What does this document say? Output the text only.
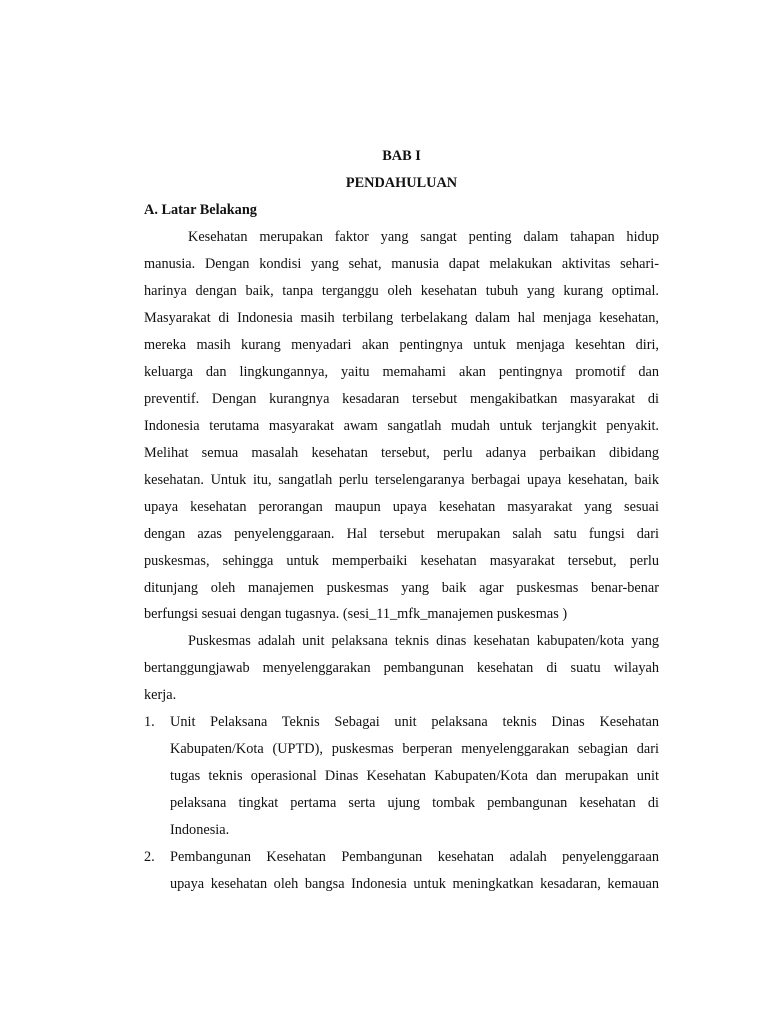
BAB I
PENDAHULUAN
A. Latar Belakang
Kesehatan merupakan faktor yang sangat penting dalam tahapan hidup
manusia. Dengan kondisi yang sehat, manusia dapat melakukan aktivitas sehari-
harinya dengan baik, tanpa terganggu oleh kesehatan tubuh yang kurang optimal.
Masyarakat di Indonesia masih terbilang terbelakang dalam hal menjaga kesehatan,
mereka masih kurang menyadari akan pentingnya untuk menjaga kesehtan diri,
keluarga dan lingkungannya, yaitu memahami akan pentingnya promotif dan
preventif. Dengan kurangnya kesadaran tersebut mengakibatkan masyarakat di
Indonesia terutama masyarakat awam sangatlah mudah untuk terjangkit penyakit.
Melihat semua masalah kesehatan tersebut, perlu adanya perbaikan dibidang
kesehatan. Untuk itu, sangatlah perlu terselengaranya berbagai upaya kesehatan, baik
upaya kesehatan perorangan maupun upaya kesehatan masyarakat yang sesuai
dengan azas penyelenggaraan. Hal tersebut merupakan salah satu fungsi dari
puskesmas, sehingga untuk memperbaiki kesehatan masyarakat tersebut, perlu
ditunjang oleh manajemen puskesmas yang baik agar puskesmas benar-benar
berfungsi sesuai dengan tugasnya. (sesi_11_mfk_manajemen puskesmas )
Puskesmas adalah unit pelaksana teknis dinas kesehatan kabupaten/kota yang
bertanggungjawab menyelenggarakan pembangunan kesehatan di suatu wilayah
kerja.
1. Unit Pelaksana Teknis Sebagai unit pelaksana teknis Dinas Kesehatan
Kabupaten/Kota (UPTD), puskesmas berperan menyelenggarakan sebagian dari
tugas teknis operasional Dinas Kesehatan Kabupaten/Kota dan merupakan unit
pelaksana tingkat pertama serta ujung tombak pembangunan kesehatan di
Indonesia.
2. Pembangunan Kesehatan Pembangunan kesehatan adalah penyelenggaraan
upaya kesehatan oleh bangsa Indonesia untuk meningkatkan kesadaran, kemauan
